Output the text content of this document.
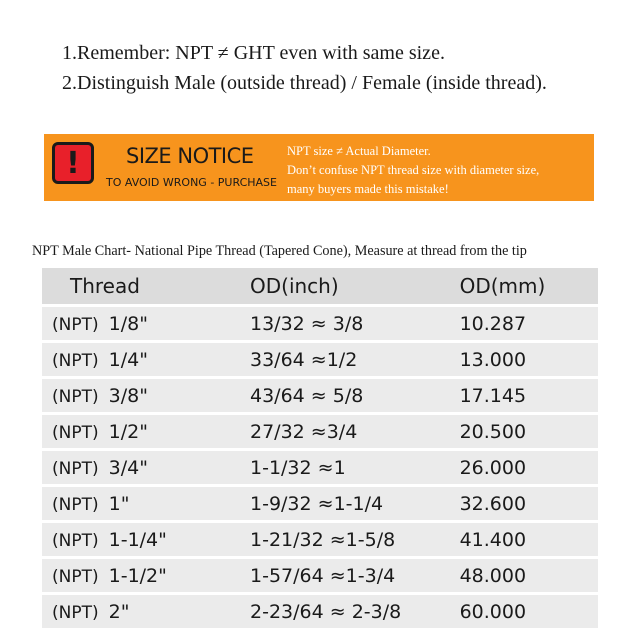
1.Remember: NPT ≠ GHT even with same size.
2.Distinguish Male (outside thread) / Female (inside thread).
!	SIZE NOTICE
TO AVOID WRONG - PURCHASE
NPT size ≠ Actual Diameter.
Don’t confuse NPT thread size with diameter size,
many buyers made this mistake!
NPT Male Chart- National Pipe Thread (Tapered Cone), Measure at thread from the tip
Thread	OD(inch)	OD(mm)
(NPT) 1/8"	13/32 ≈ 3/8	10.287
(NPT) 1/4"	33/64 ≈1/2	13.000
(NPT) 3/8"	43/64 ≈ 5/8	17.145
(NPT) 1/2"	27/32 ≈3/4	20.500
(NPT) 3/4"	1-1/32 ≈1	26.000
(NPT) 1"	1-9/32 ≈1-1/4	32.600
(NPT) 1-1/4"	1-21/32 ≈1-5/8	41.400
(NPT) 1-1/2"	1-57/64 ≈1-3/4	48.000
(NPT) 2"	2-23/64 ≈ 2-3/8	60.000
